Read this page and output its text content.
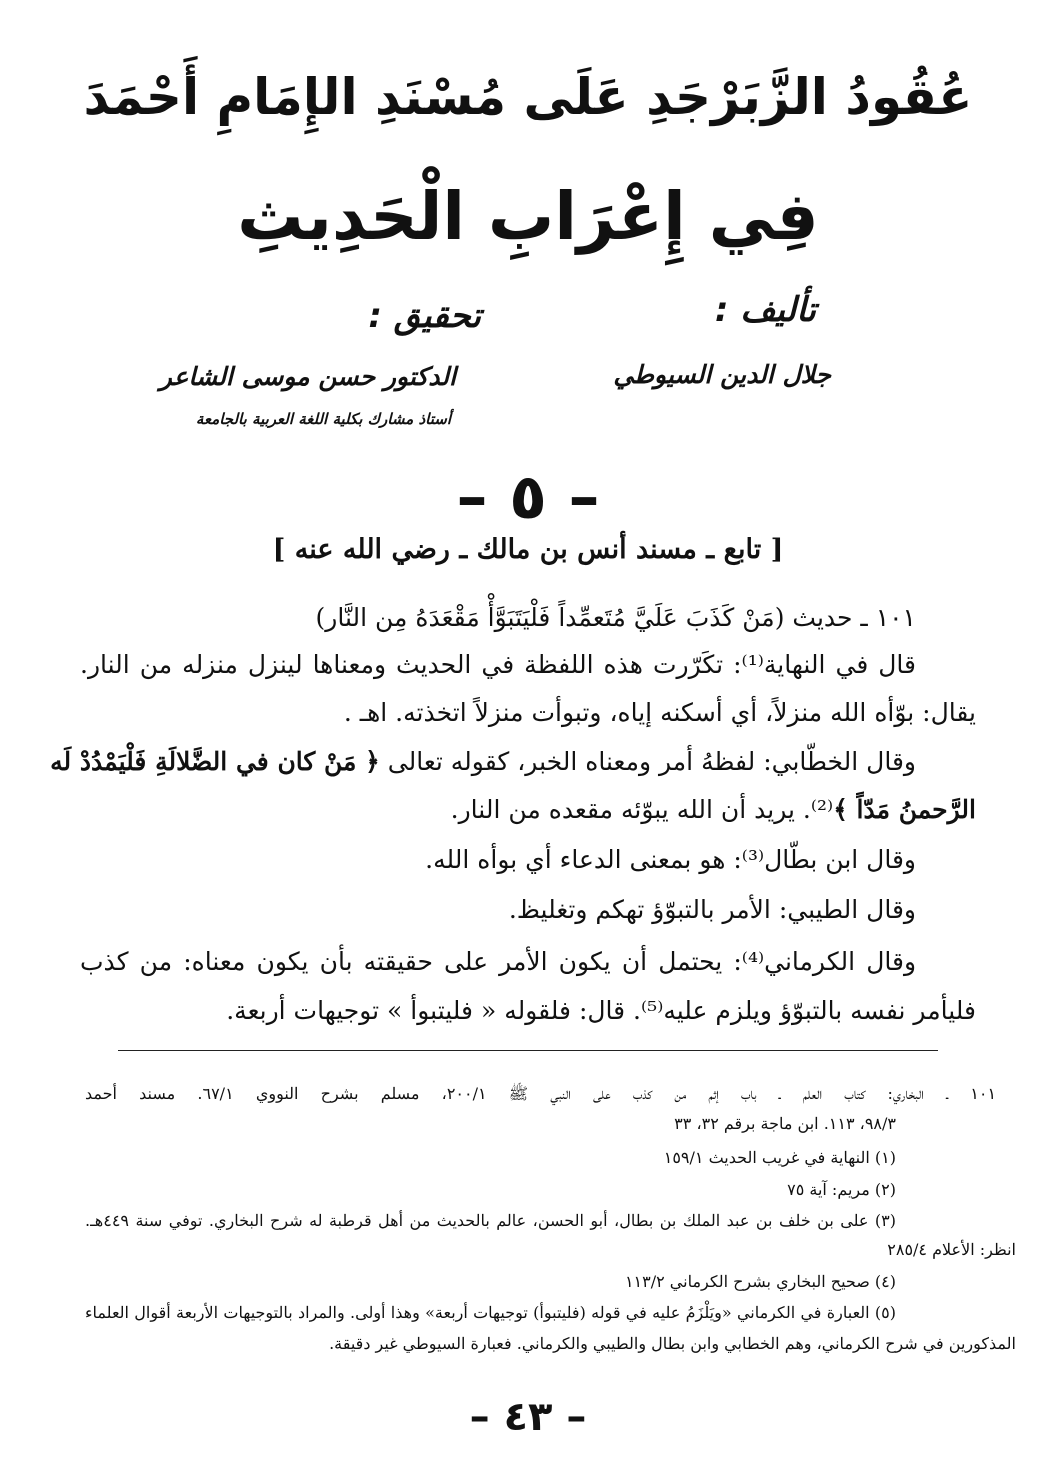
عُقُودُ الزَّبَرْجَدِ عَلَى مُسْنَدِ الإِمَامِ أَحْمَدَ
فِي إِعْرَابِ الْحَدِيثِ
تأليف :
تحقيق :
جلال الدين السيوطي
الدكتور حسن موسى الشاعر
أستاذ مشارك بكلية اللغة العربية بالجامعة
– ٥ –
[ تابع ـ مسند أنس بن مالك ـ رضي الله عنه ]
١٠١ ـ حديث (مَنْ كَذَبَ عَلَيَّ مُتَعمِّداً فَلْيَتَبَوَّأْ مَقْعَدَهُ مِن النَّار)
قال في النهاية⁽¹⁾: تكَرّرت هذه اللفظة في الحديث ومعناها لينزل منزله من النار.
يقال: بوّأه الله منزلاً، أي أسكنه إياه، وتبوأت منزلاً اتخذته. اهـ .
وقال الخطّابي: لفظهُ أمر ومعناه الخبر، كقوله تعالى ﴿ مَنْ كان في الضَّلالَةِ فَلْيَمْدُدْ لَه
الرَّحمنُ مَدّاً ﴾⁽²⁾. يريد أن الله يبوّئه مقعده من النار.
وقال ابن بطّال⁽³⁾: هو بمعنى الدعاء أي بوأه الله.
وقال الطيبي: الأمر بالتبوّؤ تهكم وتغليظ.
وقال الكرماني⁽⁴⁾: يحتمل أن يكون الأمر على حقيقته بأن يكون معناه: من كذب
فليأمر نفسه بالتبوّؤ ويلزم عليه⁽⁵⁾. قال: فلقوله « فليتبوأ » توجيهات أربعة.
١٠١ ـ البخاري: كتاب العلم ـ باب إثم من كذب على النبي ﷺ ٢٠٠/١، مسلم بشرح النووي ٦٧/١. مسند أحمد
٩٨/٣، ١١٣. ابن ماجة برقم ٣٢، ٣٣
(١) النهاية في غريب الحديث ١٥٩/١
(٢) مريم: آية ٧٥
(٣) على بن خلف بن عبد الملك بن بطال، أبو الحسن، عالم بالحديث من أهل قرطبة له شرح البخاري. توفي سنة ٤٤٩هـ.
انظر: الأعلام ٢٨٥/٤
(٤) صحيح البخاري بشرح الكرماني ١١٣/٢
(٥) العبارة في الكرماني «ويَلْزَمُ عليه في قوله (فليتبوأ) توجيهات أربعة» وهذا أولى. والمراد بالتوجيهات الأربعة أقوال العلماء
المذكورين في شرح الكرماني، وهم الخطابي وابن بطال والطيبي والكرماني. فعبارة السيوطي غير دقيقة.
– ٤٣ –
